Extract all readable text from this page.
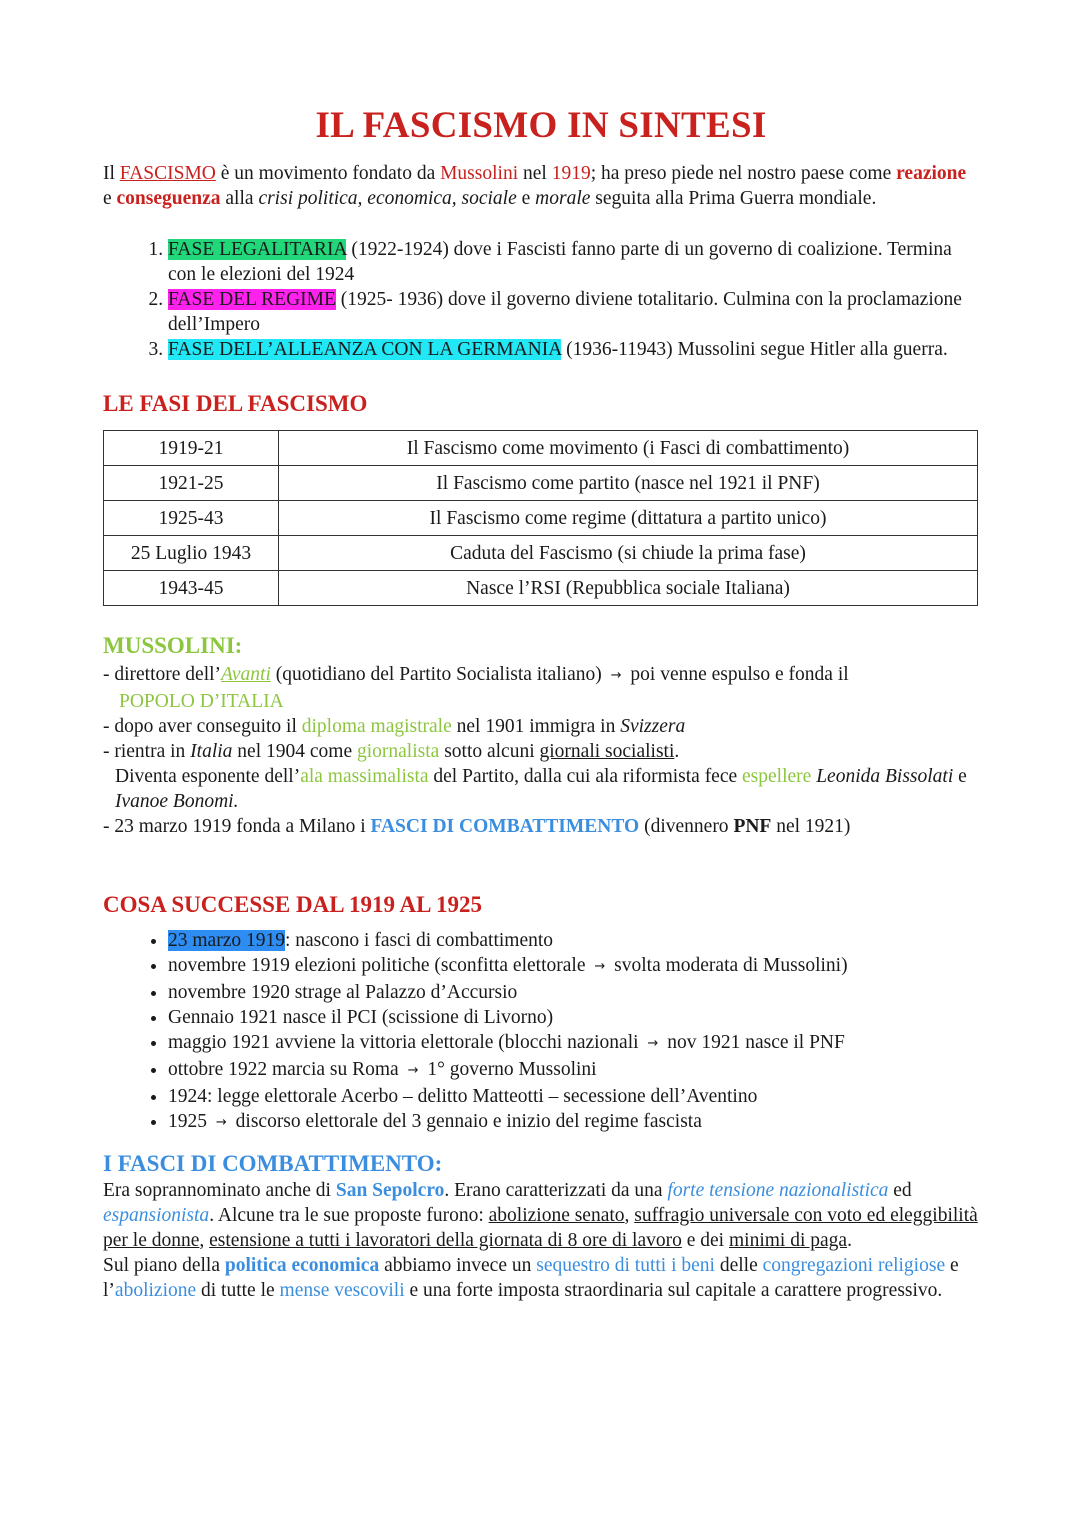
IL FASCISMO IN SINTESI

Il FASCISMO è un movimento fondato da Mussolini nel 1919; ha preso piede nel nostro paese come reazione e conseguenza alla crisi politica, economica, sociale e morale seguita alla Prima Guerra mondiale.

1. FASE LEGALITARIA (1922-1924) dove i Fascisti fanno parte di un governo di coalizione. Termina con le elezioni del 1924
2. FASE DEL REGIME (1925- 1936) dove il governo diviene totalitario. Culmina con la proclamazione dell’Impero
3. FASE DELL’ALLEANZA CON LA GERMANIA (1936-11943) Mussolini segue Hitler alla guerra.
LE FASI DEL FASCISMO
1919-21	Il Fascismo come movimento (i Fasci di combattimento)
1921-25	Il Fascismo come partito (nasce nel 1921 il PNF)
1925-43	Il Fascismo come regime (dittatura a partito unico)
25 Luglio 1943	Caduta del Fascismo (si chiude la prima fase)
1943-45	Nasce l’RSI (Repubblica sociale Italiana)
MUSSOLINI:
- direttore dell’Avanti (quotidiano del Partito Socialista italiano) → poi venne espulso e fonda il
POPOLO D’ITALIA
- dopo aver conseguito il diploma magistrale nel 1901 immigra in Svizzera
- rientra in Italia nel 1904 come giornalista sotto alcuni giornali socialisti.
Diventa esponente dell’ala massimalista del Partito, dalla cui ala riformista fece espellere Leonida Bissolati e Ivanoe Bonomi.
- 23 marzo 1919 fonda a Milano i FASCI DI COMBATTIMENTO (divennero PNF nel 1921)
COSA SUCCESSE DAL 1919 AL 1925
• 23 marzo 1919: nascono i fasci di combattimento
• novembre 1919 elezioni politiche (sconfitta elettorale → svolta moderata di Mussolini)
• novembre 1920 strage al Palazzo d’Accursio
• Gennaio 1921 nasce il PCI (scissione di Livorno)
• maggio 1921 avviene la vittoria elettorale (blocchi nazionali → nov 1921 nasce il PNF
• ottobre 1922 marcia su Roma → 1° governo Mussolini
• 1924: legge elettorale Acerbo – delitto Matteotti – secessione dell’Aventino
• 1925 → discorso elettorale del 3 gennaio e inizio del regime fascista
I FASCI DI COMBATTIMENTO:
Era soprannominato anche di San Sepolcro. Erano caratterizzati da una forte tensione nazionalistica ed espansionista. Alcune tra le sue proposte furono: abolizione senato, suffragio universale con voto ed eleggibilità per le donne, estensione a tutti i lavoratori della giornata di 8 ore di lavoro e dei minimi di paga.
Sul piano della politica economica abbiamo invece un sequestro di tutti i beni delle congregazioni religiose e l’abolizione di tutte le mense vescovili e una forte imposta straordinaria sul capitale a carattere progressivo.
